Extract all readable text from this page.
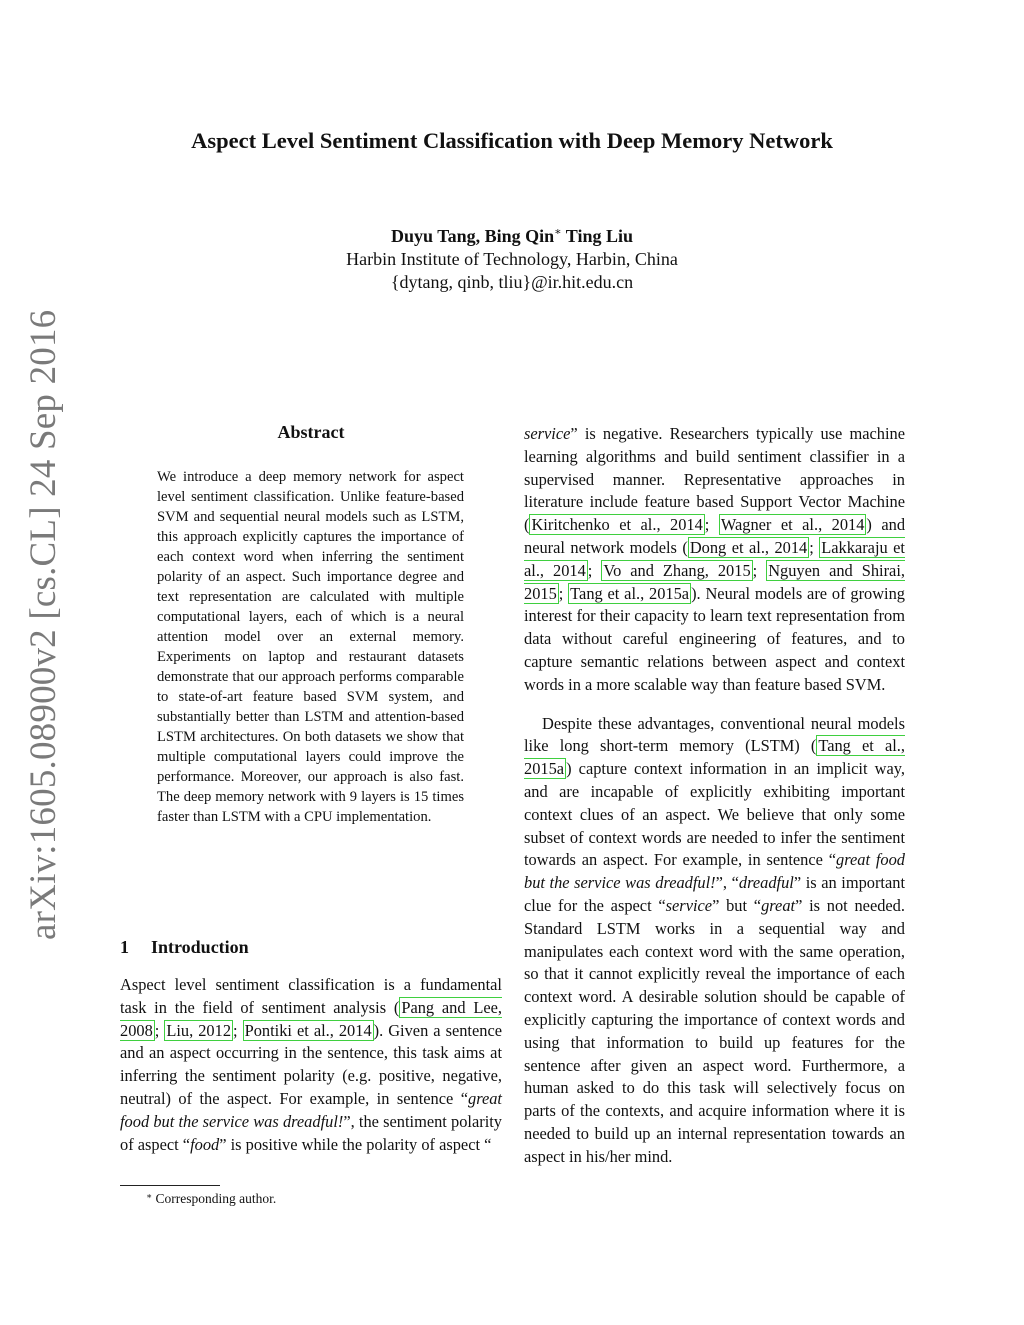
Aspect Level Sentiment Classification with Deep Memory Network
Duyu Tang, Bing Qin∗ Ting Liu
Harbin Institute of Technology, Harbin, China
{dytang, qinb, tliu}@ir.hit.edu.cn
arXiv:1605.08900v2 [cs.CL] 24 Sep 2016	Abstract

We introduce a deep memory network for aspect level sentiment classification. Unlike feature-based SVM and sequential neural models such as LSTM, this approach explicitly captures the importance of each context word when inferring the sentiment polarity of an aspect. Such importance degree and text representation are calculated with multiple computational layers, each of which is a neural attention model over an external memory. Experiments on laptop and restaurant datasets demonstrate that our approach performs comparable to state-of-art feature based SVM system, and substantially better than LSTM and attention-based LSTM architectures. On both datasets we show that multiple computational layers could improve the performance. Moreover, our approach is also fast. The deep memory network with 9 layers is 15 times faster than LSTM with a CPU implementation.

1 Introduction

Aspect level sentiment classification is a fundamental task in the field of sentiment analysis ( Pang and Lee, 2008 ; Liu, 2012 ; Pontiki et al., 2014 ). Given a sentence and an aspect occurring in the sentence, this task aims at inferring the sentiment polarity (e.g. positive, negative, neutral) of the aspect. For example, in sentence “great food but the service was dreadful!”, the sentiment polarity of aspect “food” is positive while the polarity of aspect “

service” is negative. Researchers typically use machine learning algorithms and build sentiment classifier in a supervised manner. Representative approaches in literature include feature based Support Vector Machine ( Kiritchenko et al., 2014 ; Wagner et al., 2014 ) and neural network models ( Dong et al., 2014 ; Lakkaraju et al., 2014 ; Vo and Zhang, 2015 ; Nguyen and Shirai, 2015 ; Tang et al., 2015a ). Neural models are of growing interest for their capacity to learn text representation from data without careful engineering of features, and to capture semantic relations between aspect and context words in a more scalable way than feature based SVM.

Despite these advantages, conventional neural models like long short-term memory (LSTM) ( Tang et al., 2015a ) capture context information in an implicit way, and are incapable of explicitly exhibiting important context clues of an aspect. We believe that only some subset of context words are needed to infer the sentiment towards an aspect. For example, in sentence “great food but the service was dreadful!”, “dreadful” is an important clue for the aspect “service” but “great” is not needed. Standard LSTM works in a sequential way and manipulates each context word with the same operation, so that it cannot explicitly reveal the importance of each context word. A desirable solution should be capable of explicitly capturing the importance of context words and using that information to build up features for the sentence after given an aspect word. Furthermore, a human asked to do this task will selectively focus on parts of the contexts, and acquire information where it is needed to build up an internal representation towards an aspect in his/her mind.

∗ Corresponding author.
